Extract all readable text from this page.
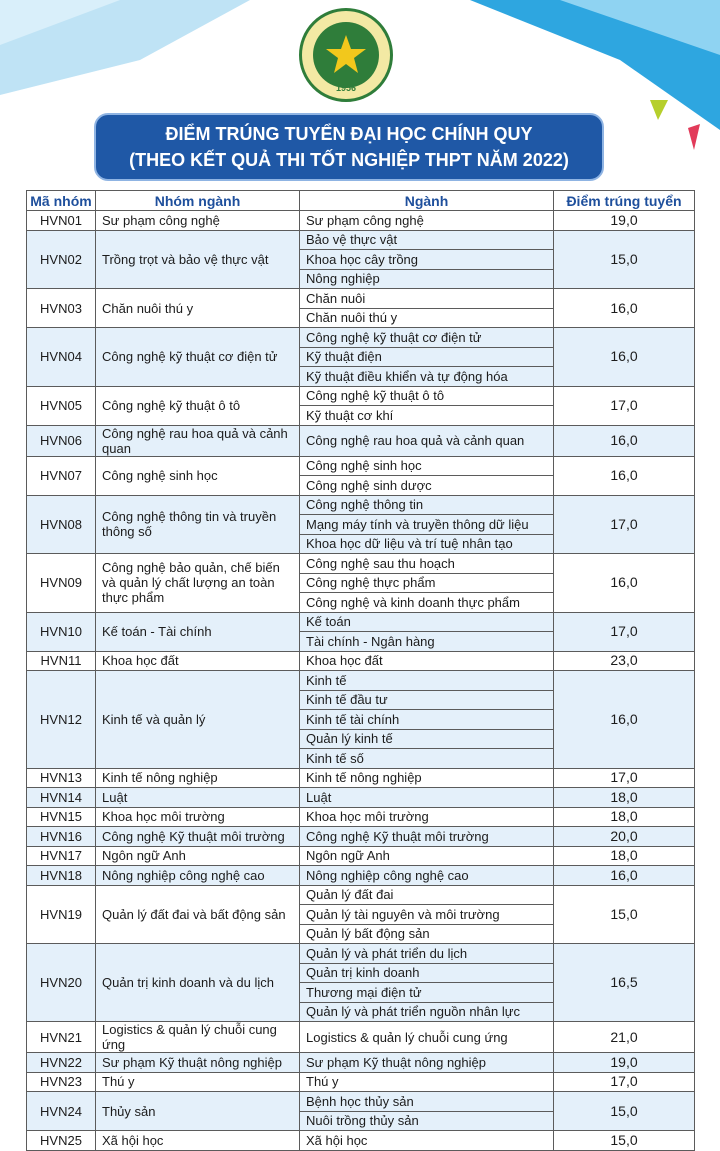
1956
ĐIỂM TRÚNG TUYỂN ĐẠI HỌC CHÍNH QUY
(THEO KẾT QUẢ THI TỐT NGHIỆP THPT NĂM 2022)
Mã nhóm	Nhóm ngành	Ngành	Điểm trúng tuyển
HVN01	Sư phạm công nghệ	Sư phạm công nghệ	19,0
HVN02	Trồng trọt và bảo vệ thực vật	Bảo vệ thực vật	15,0
		Khoa học cây trồng	
		Nông nghiệp	
HVN03	Chăn nuôi thú y	Chăn nuôi	16,0
		Chăn nuôi thú y	
HVN04	Công nghệ kỹ thuật cơ điện tử	Công nghệ kỹ thuật cơ điện tử	16,0
		Kỹ thuật điện	
		Kỹ thuật điều khiển và tự động hóa	
HVN05	Công nghệ kỹ thuật ô tô	Công nghệ kỹ thuật ô tô	17,0
		Kỹ thuật cơ khí	
HVN06	Công nghệ rau hoa quả và cảnh quan	Công nghệ rau hoa quả và cảnh quan	16,0
HVN07	Công nghệ sinh học	Công nghệ sinh học	16,0
		Công nghệ sinh dược	
HVN08	Công nghệ thông tin và truyền thông số	Công nghệ thông tin	17,0
		Mạng máy tính và truyền thông dữ liệu	
		Khoa học dữ liệu và trí tuệ nhân tạo	
HVN09	Công nghệ bảo quản, chế biến và quản lý chất lượng an toàn thực phẩm	Công nghệ sau thu hoạch	16,0
		Công nghệ thực phẩm	
		Công nghệ và kinh doanh thực phẩm	
HVN10	Kế toán - Tài chính	Kế toán	17,0
		Tài chính - Ngân hàng	
HVN11	Khoa học đất	Khoa học đất	23,0
HVN12	Kinh tế và quản lý	Kinh tế	16,0
		Kinh tế đầu tư	
		Kinh tế tài chính	
		Quản lý kinh tế	
		Kinh tế số	
HVN13	Kinh tế nông nghiệp	Kinh tế nông nghiệp	17,0
HVN14	Luật	Luật	18,0
HVN15	Khoa học môi trường	Khoa học môi trường	18,0
HVN16	Công nghệ Kỹ thuật môi trường	Công nghệ Kỹ thuật môi trường	20,0
HVN17	Ngôn ngữ Anh	Ngôn ngữ Anh	18,0
HVN18	Nông nghiệp công nghệ cao	Nông nghiệp công nghệ cao	16,0
HVN19	Quản lý đất đai và bất động sản	Quản lý đất đai	15,0
		Quản lý tài nguyên và môi trường	
		Quản lý bất động sản	
HVN20	Quản trị kinh doanh và du lịch	Quản lý và phát triển du lịch	16,5
		Quản trị kinh doanh	
		Thương mại điện tử	
		Quản lý và phát triển nguồn nhân lực	
HVN21	Logistics & quản lý chuỗi cung ứng	Logistics & quản lý chuỗi cung ứng	21,0
HVN22	Sư phạm Kỹ thuật nông nghiệp	Sư phạm Kỹ thuật nông nghiệp	19,0
HVN23	Thú y	Thú y	17,0
HVN24	Thủy sản	Bệnh học thủy sản	15,0
		Nuôi trồng thủy sản	
HVN25	Xã hội học	Xã hội học	15,0
